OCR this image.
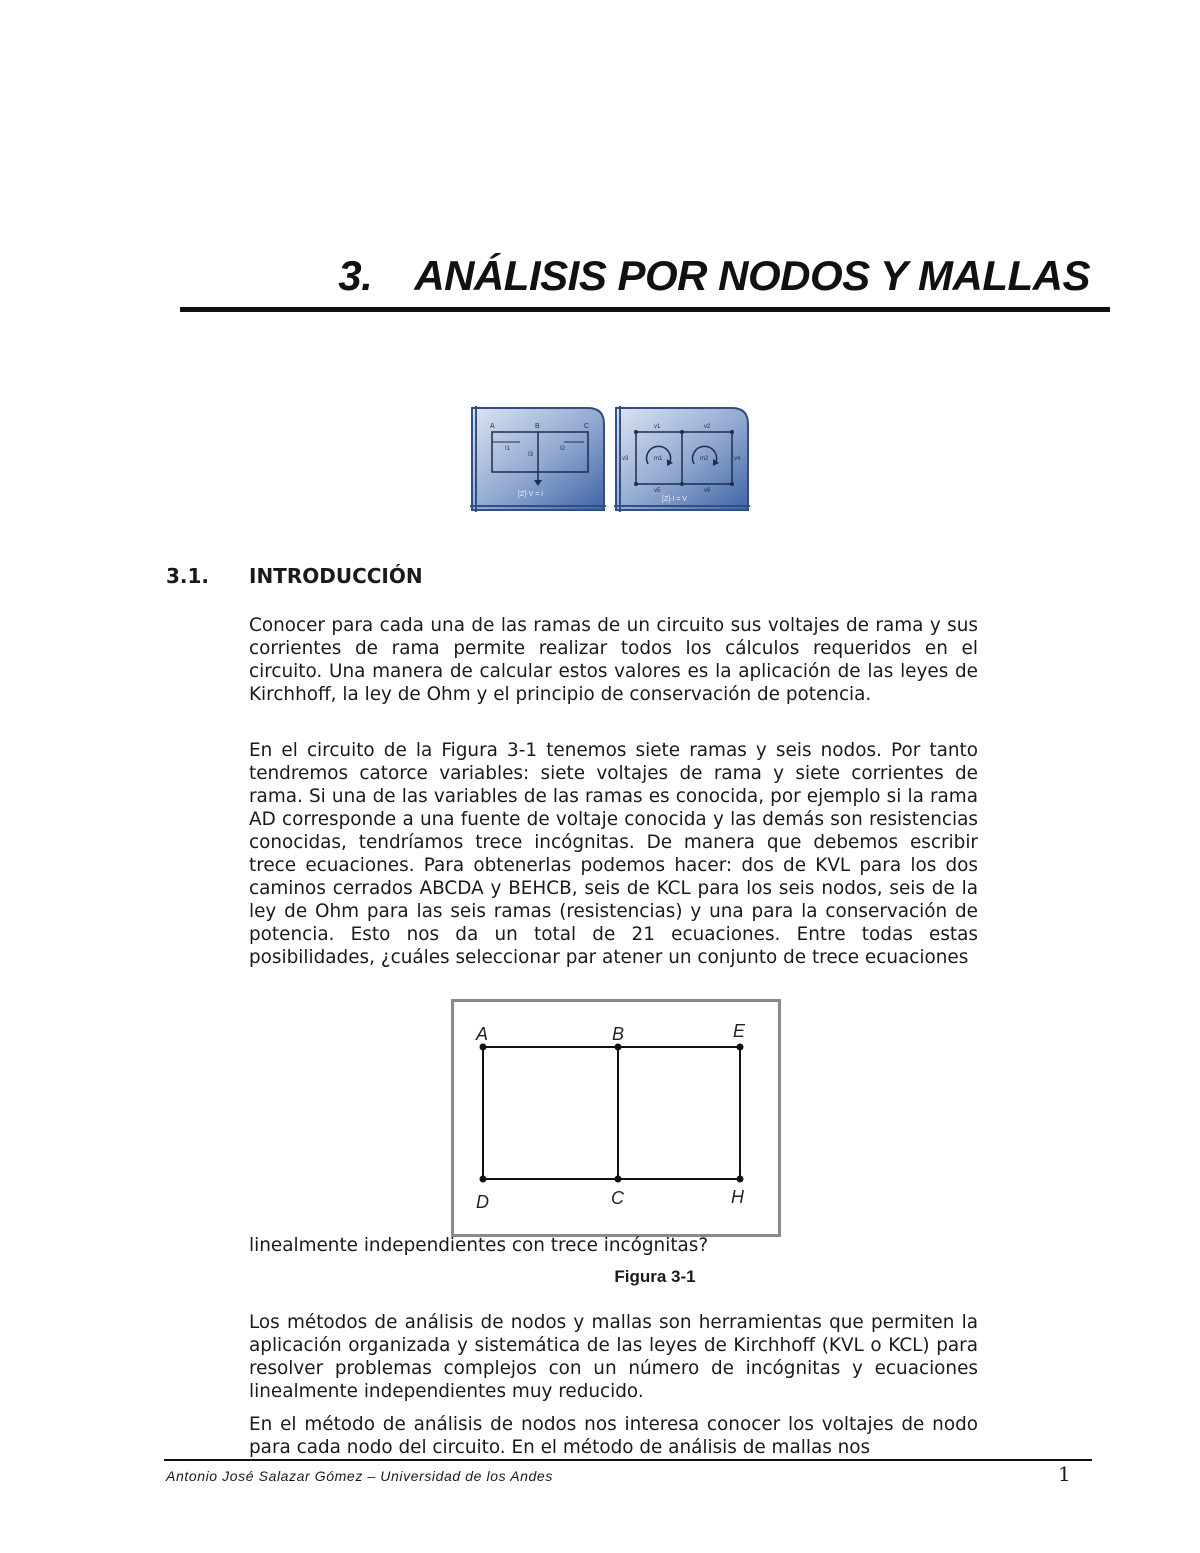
3. ANÁLISIS POR NODOS Y MALLAS
A	B	C
I1
I3
I2
[Z]·V = I
m1	m2
v1	v2
v3	v4
v5	v6
[Z]·I = V
3.1. INTRODUCCIÓN

Conocer para cada una de las ramas de un circuito sus voltajes de rama y sus corrientes de rama permite realizar todos los cálculos requeridos en el circuito. Una manera de calcular estos valores es la aplicación de las leyes de Kirchhoff, la ley de Ohm y el principio de conservación de potencia.

En el circuito de la Figura 3-1 tenemos siete ramas y seis nodos. Por tanto tendremos catorce variables: siete voltajes de rama y siete corrientes de rama. Si una de las variables de las ramas es conocida, por ejemplo si la rama AD corresponde a una fuente de voltaje conocida y las demás son resistencias conocidas, tendríamos trece incógnitas. De manera que debemos escribir trece ecuaciones. Para obtenerlas podemos hacer: dos de KVL para los dos caminos cerrados ABCDA y BEHCB, seis de KCL para los seis nodos, seis de la ley de Ohm para las seis ramas (resistencias) y una para la conservación de potencia. Esto nos da un total de 21 ecuaciones. Entre todas estas posibilidades, ¿cuáles seleccionar par atener un conjunto de trece ecuaciones

A	B	E
D	C	H

linealmente independientes con trece incógnitas?

Figura 3-1

Los métodos de análisis de nodos y mallas son herramientas que permiten la aplicación organizada y sistemática de las leyes de Kirchhoff (KVL o KCL) para resolver problemas complejos con un número de incógnitas y ecuaciones linealmente independientes muy reducido.

En el método de análisis de nodos nos interesa conocer los voltajes de nodo para cada nodo del circuito. En el método de análisis de mallas nos

Antonio José Salazar Gómez – Universidad de los Andes	1
